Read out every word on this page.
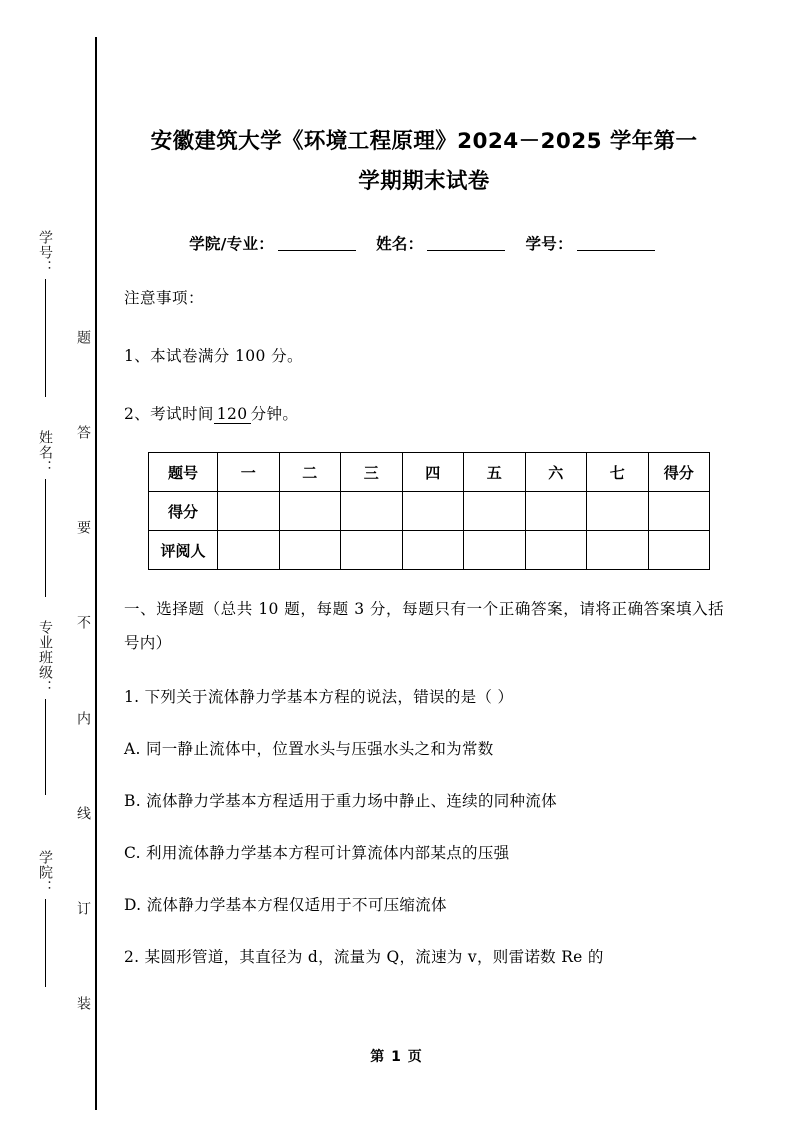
题
答
要
不
内
线
订
装
学号：
姓名：
专业班级：
学院：
安徽建筑大学《环境工程原理》2024－2025 学年第一
学期期末试卷
学院/专业：	姓名：	学号：

注意事项：

1、本试卷满分 100 分。

2、考试时间 120 分钟。

题号	一	二	三	四	五	六	七	得分
得分								
评阅人								

一、选择题（总共 10 题，每题 3 分，每题只有一个正确答案，请将正确答案填入括号内）

1. 下列关于流体静力学基本方程的说法，错误的是（ ）

A. 同一静止流体中，位置水头与压强水头之和为常数

B. 流体静力学基本方程适用于重力场中静止、连续的同种流体

C. 利用流体静力学基本方程可计算流体内部某点的压强

D. 流体静力学基本方程仅适用于不可压缩流体

2. 某圆形管道，其直径为 d，流量为 Q，流速为 v，则雷诺数 Re 的

第 1 页
